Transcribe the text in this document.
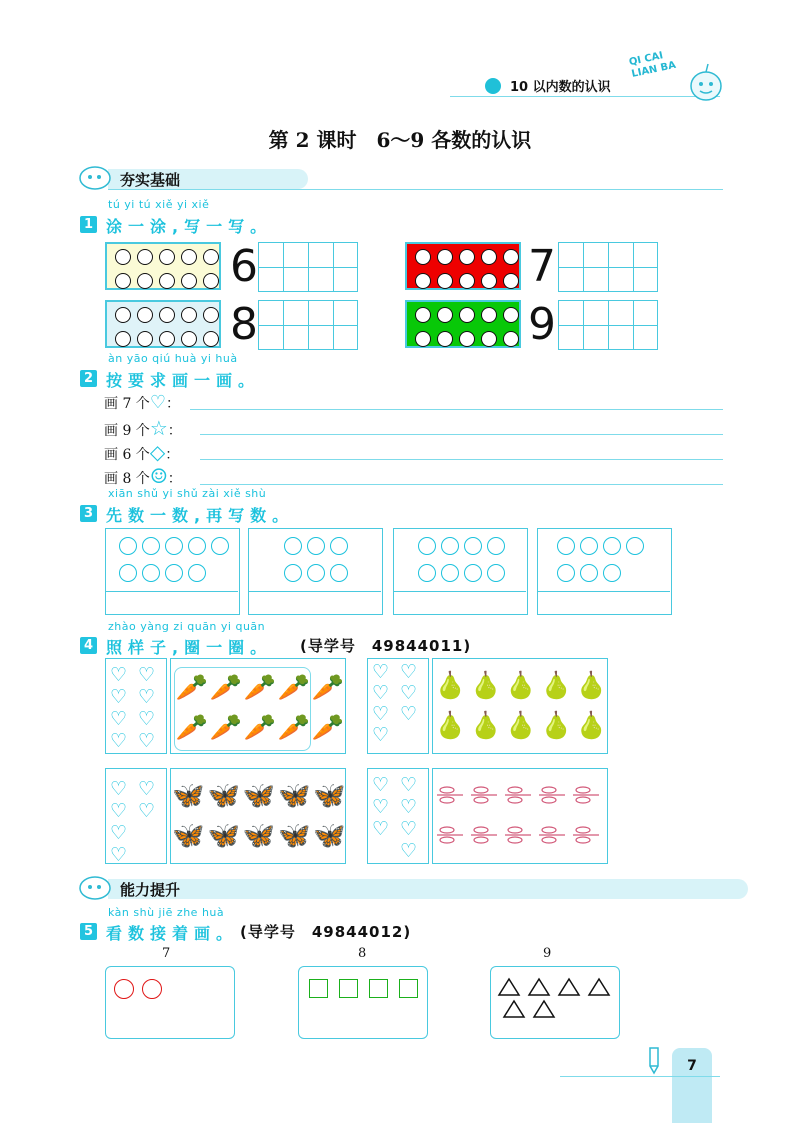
10 以内数的认识
QI CAI LIAN BA
第 2 课时　6～9 各数的认识
夯实基础
tú yi tú xiě yi xiě
1 涂一涂,写一写。
6	7
8	9
àn yāo qiú huà yi huà
2 按要求画一画。
画 7 个♡：
画 9 个☆：
画 6 个◇：
画 8 个☺：
xiān shǔ yi shǔ zài xiě shù
3 先数一数,再写数。
zhào yàng zi quān yi quān
4 照样子,圈一圈。 (导学号　49844011)
♡ ♡
♡ ♡
♡ ♡
♡ ♡
🥕 🥕 🥕 🥕 🥕
🥕 🥕 🥕 🥕 🥕
♡ ♡
♡ ♡
♡ ♡
♡
🍐 🍐 🍐 🍐 🍐
🍐 🍐 🍐 🍐 🍐
♡ ♡
♡ ♡
♡
♡
🦋 🦋 🦋 🦋 🦋
🦋 🦋 🦋 🦋 🦋
♡ ♡
♡ ♡
♡ ♡
♡
能力提升
kàn shù jiē zhe huà
5 看数接着画。 (导学号　49844012)
7	8	9
7
